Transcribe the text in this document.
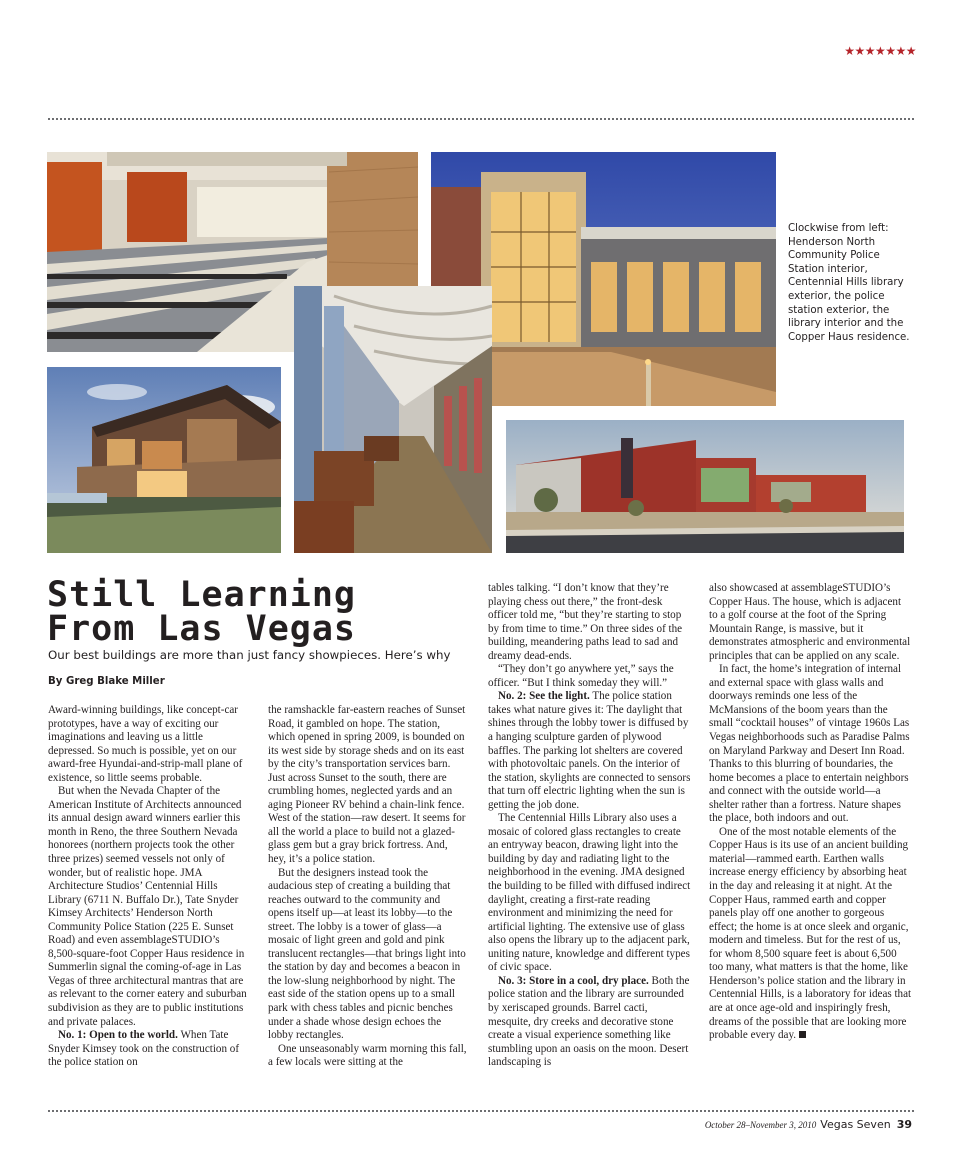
★★★★★★★
Clockwise from left: Henderson North Community Police Station interior, Centennial Hills library exterior, the police station exterior, the library interior and the Copper Haus residence.
Still Learning
From Las Vegas

Our best buildings are more than just fancy showpieces. Here’s why

By Greg Blake Miller

Award-winning buildings, like concept-car prototypes, have a way of exciting our imaginations and leaving us a little depressed. So much is possible, yet on our award-free Hyundai-and-strip-mall plane of existence, so little seems probable.

But when the Nevada Chapter of the American Institute of Architects announced its annual design award winners earlier this month in Reno, the three Southern Nevada honorees (northern projects took the other three prizes) seemed vessels not only of wonder, but of realistic hope. JMA Architecture Studios’ Centennial Hills Library (6711 N. Buffalo Dr.), Tate Snyder Kimsey Architects’ Henderson North Community Police Station (225 E. Sunset Road) and even assemblageSTUDIO’s 8,500-square-foot Copper Haus residence in Summerlin signal the coming-of-age in Las Vegas of three architectural mantras that are as relevant to the corner eatery and suburban subdivision as they are to public institutions and private palaces.

No. 1: Open to the world. When Tate Snyder Kimsey took on the construction of the police station on

the ramshackle far-eastern reaches of Sunset Road, it gambled on hope. The station, which opened in spring 2009, is bounded on its west side by storage sheds and on its east by the city’s transportation services barn. Just across Sunset to the south, there are crumbling homes, neglected yards and an aging Pioneer RV behind a chain-link fence. West of the station—raw desert. It seems for all the world a place to build not a glazed-glass gem but a gray brick fortress. And, hey, it’s a police station.

But the designers instead took the audacious step of creating a building that reaches outward to the community and opens itself up—at least its lobby—to the street. The lobby is a tower of glass—a mosaic of light green and gold and pink translucent rectangles—that brings light into the station by day and becomes a beacon in the low-slung neighborhood by night. The east side of the station opens up to a small park with chess tables and picnic benches under a shade whose design echoes the lobby rectangles.

One unseasonably warm morning this fall, a few locals were sitting at the

tables talking. “I don’t know that they’re playing chess out there,” the front-desk officer told me, “but they’re starting to stop by from time to time.” On three sides of the building, meandering paths lead to sad and dreamy dead-ends.

“They don’t go anywhere yet,” says the officer. “But I think someday they will.”

No. 2: See the light. The police station takes what nature gives it: The daylight that shines through the lobby tower is diffused by a hanging sculpture garden of plywood baffles. The parking lot shelters are covered with photovoltaic panels. On the interior of the station, skylights are connected to sensors that turn off electric lighting when the sun is getting the job done.

The Centennial Hills Library also uses a mosaic of colored glass rectangles to create an entryway beacon, drawing light into the building by day and radiating light to the neighborhood in the evening. JMA designed the building to be filled with diffused indirect daylight, creating a first-rate reading environment and minimizing the need for artificial lighting. The extensive use of glass also opens the library up to the adjacent park, uniting nature, knowledge and different types of civic space.

No. 3: Store in a cool, dry place. Both the police station and the library are surrounded by xeriscaped grounds. Barrel cacti, mesquite, dry creeks and decorative stone create a visual experience something like stumbling upon an oasis on the moon. Desert landscaping is

also showcased at assemblageSTUDIO’s Copper Haus. The house, which is adjacent to a golf course at the foot of the Spring Mountain Range, is massive, but it demonstrates atmospheric and environmental principles that can be applied on any scale.

In fact, the home’s integration of internal and external space with glass walls and doorways reminds one less of the McMansions of the boom years than the small “cocktail houses” of vintage 1960s Las Vegas neighborhoods such as Paradise Palms on Maryland Parkway and Desert Inn Road. Thanks to this blurring of boundaries, the home becomes a place to entertain neighbors and connect with the outside world—a shelter rather than a fortress. Nature shapes the place, both indoors and out.

One of the most notable elements of the Copper Haus is its use of an ancient building material—rammed earth. Earthen walls increase energy efficiency by absorbing heat in the day and releasing it at night. At the Copper Haus, rammed earth and copper panels play off one another to gorgeous effect; the home is at once sleek and organic, modern and timeless. But for the rest of us, for whom 8,500 square feet is about 6,500 too many, what matters is that the home, like Henderson’s police station and the library in Centennial Hills, is a laboratory for ideas that are at once age-old and inspiringly fresh, dreams of the possible that are looking more probable every day.

October 28–November 3, 2010 Vegas Seven 39
